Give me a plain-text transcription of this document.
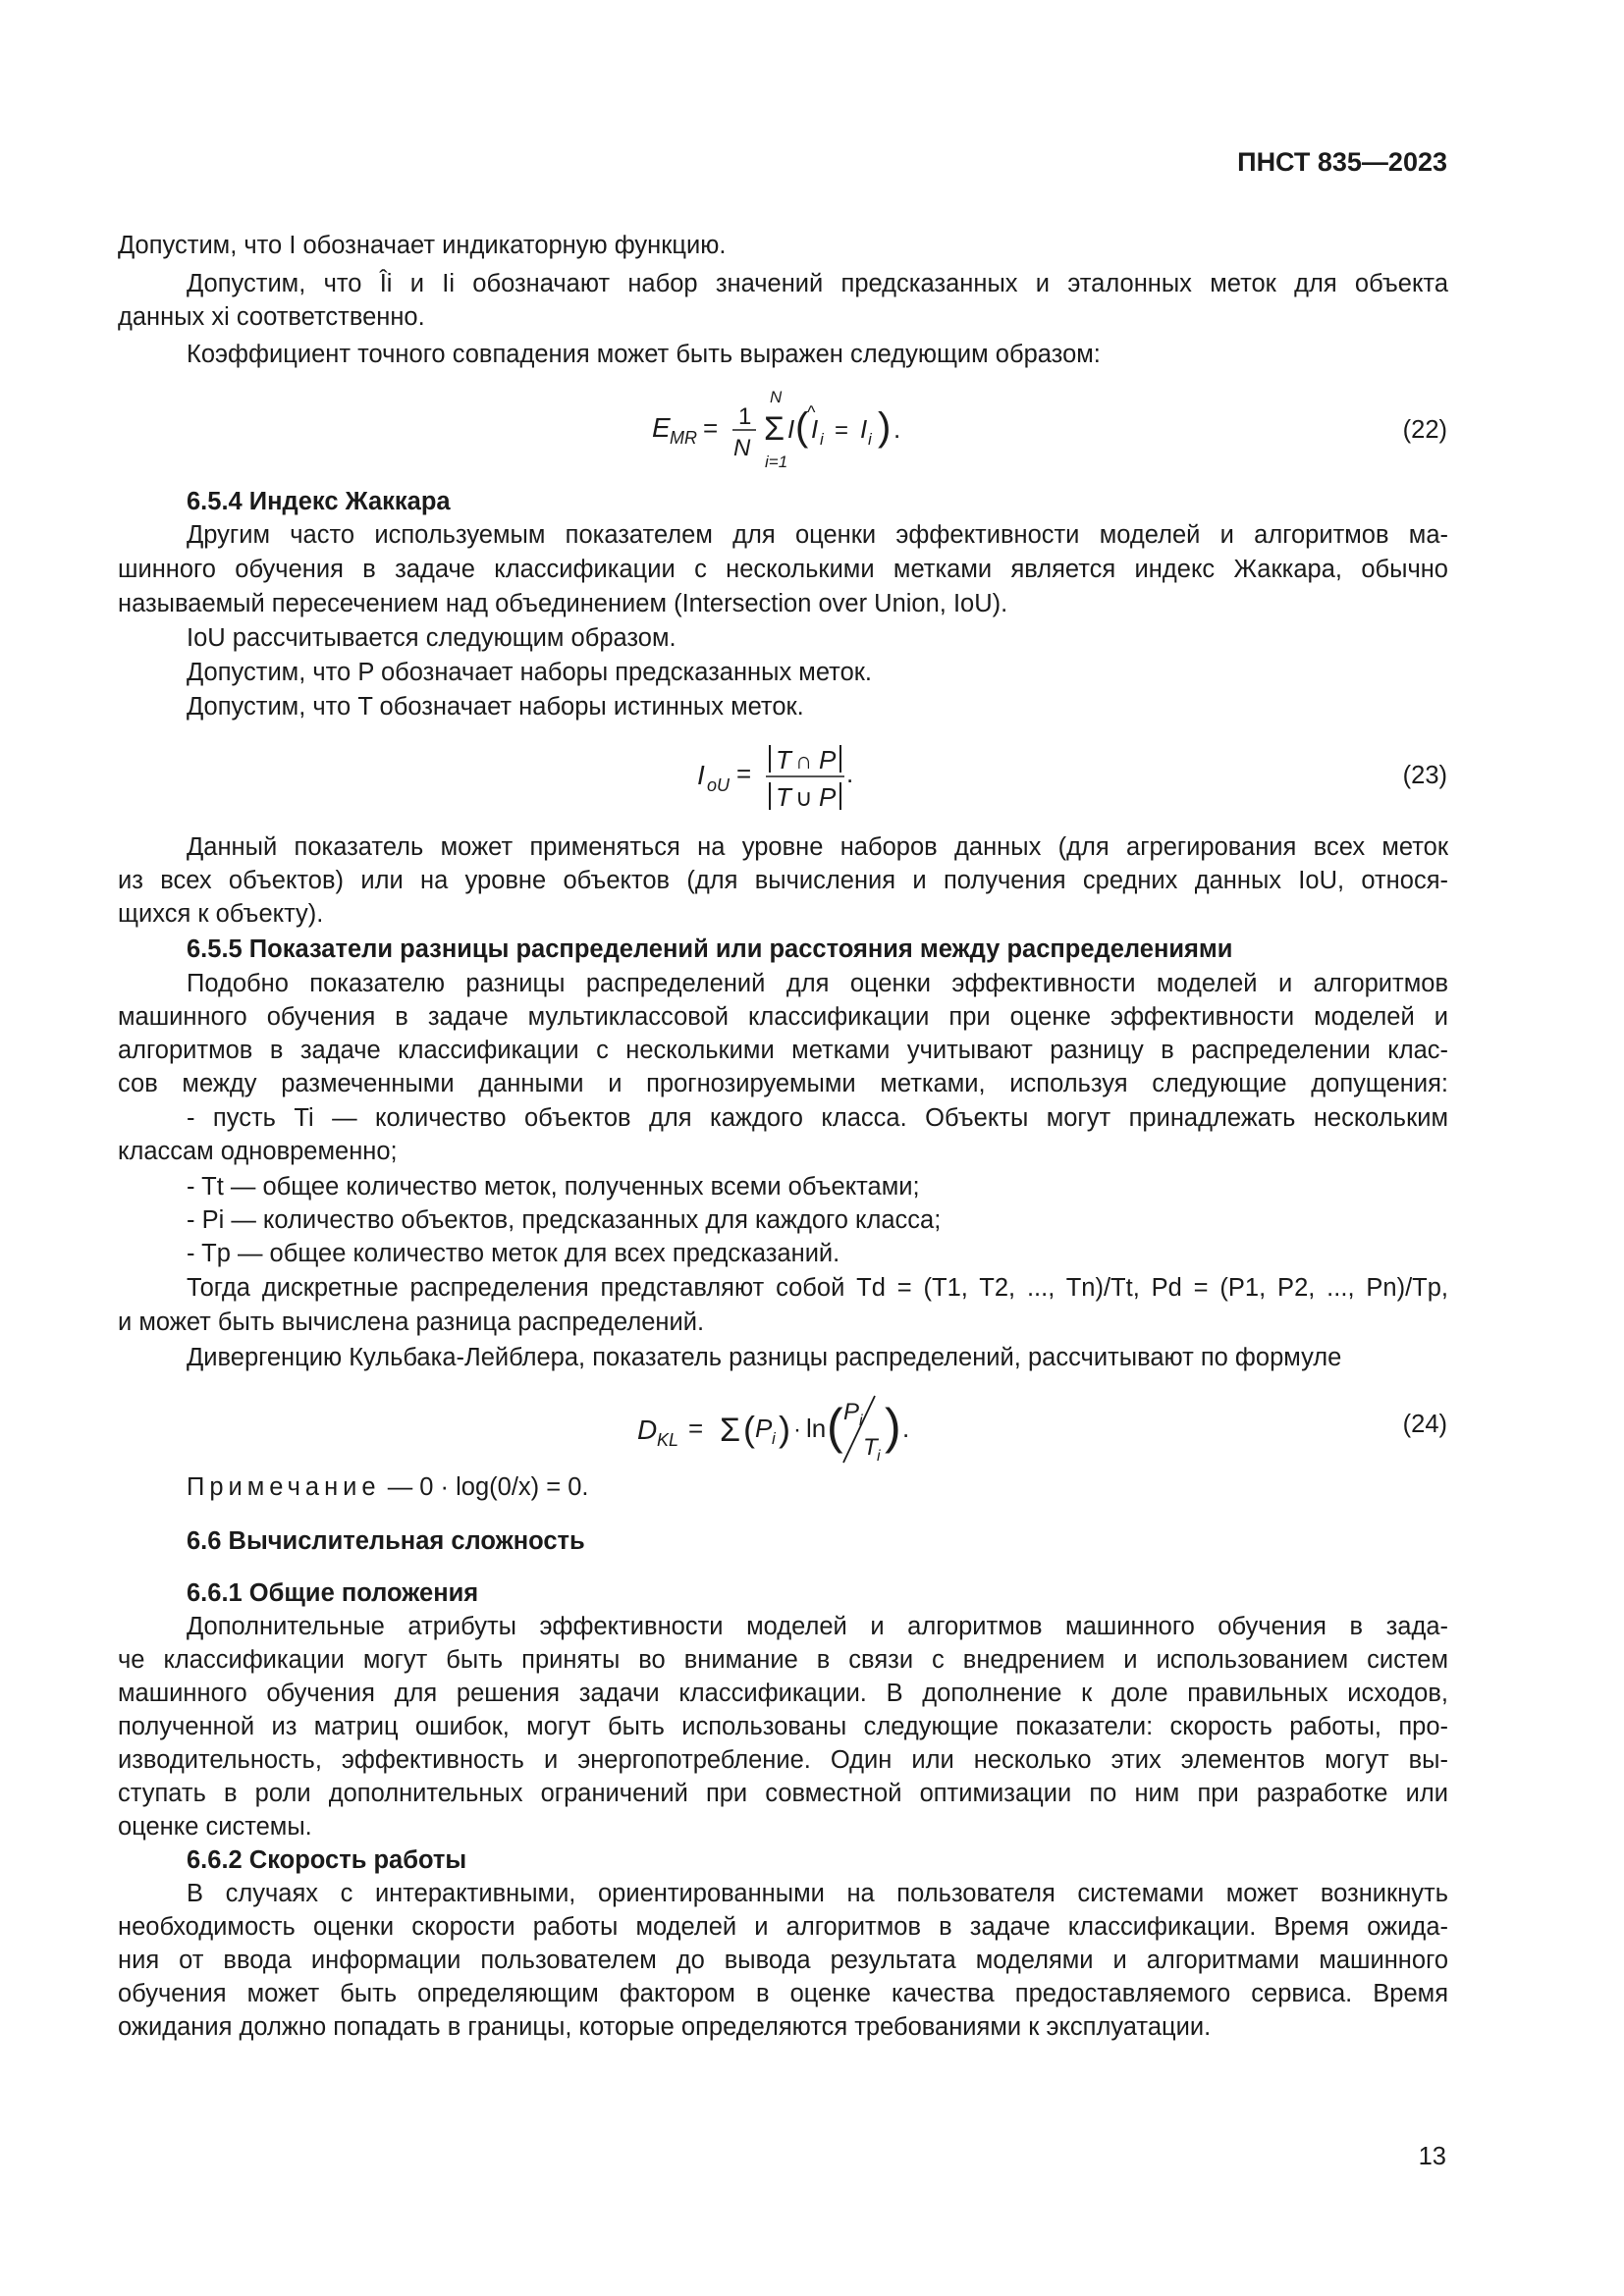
ПНСТ 835—2023
Допустим, что I обозначает индикаторную функцию.
Допустим, что Îi и Ii обозначают набор значений предсказанных и эталонных меток для объекта
данных xi соответственно.
Коэффициент точного совпадения может быть выражен следующим образом:
E MR = 1
N
N
Σ
i=1
I ( I
^
i = I i ) .	(22)
6.5.4 Индекс Жаккара
Другим часто используемым показателем для оценки эффективности моделей и алгоритмов ма-
шинного обучения в задаче классификации с несколькими метками является индекс Жаккара, обычно
называемый пересечением над объединением (Intersection over Union, IoU).
IoU рассчитывается следующим образом.
Допустим, что P обозначает наборы предсказанных меток.
Допустим, что T обозначает наборы истинных меток.
I oU = T ∩ P
T ∪ P
.	(23)
Данный показатель может применяться на уровне наборов данных (для агрегирования всех меток
из всех объектов) или на уровне объектов (для вычисления и получения средних данных IoU, относя-
щихся к объекту).
6.5.5 Показатели разницы распределений или расстояния между распределениями
Подобно показателю разницы распределений для оценки эффективности моделей и алгоритмов
машинного обучения в задаче мультиклассовой классификации при оценке эффективности моделей и
алгоритмов в задаче классификации с несколькими метками учитывают разницу в распределении клас-
сов между размеченными данными и прогнозируемыми метками, используя следующие допущения:
- пусть Ti — количество объектов для каждого класса. Объекты могут принадлежать нескольким
классам одновременно;
- Tt — общее количество меток, полученных всеми объектами;
- Pi — количество объектов, предсказанных для каждого класса;
- Tp — общее количество меток для всех предсказаний.
Тогда дискретные распределения представляют собой Td = (T1, T2, ..., Tn)/Tt, Pd = (P1, P2, ..., Pn)/Tp,
и может быть вычислена разница распределений.
Дивергенцию Кульбака-Лейблера, показатель разницы распределений, рассчитывают по формуле
D KL = Σ ( P i ) · ln ( P i
T i
) .	(24)
Примечание — 0 · log(0/x) = 0.
6.6 Вычислительная сложность
6.6.1 Общие положения
Дополнительные атрибуты эффективности моделей и алгоритмов машинного обучения в зада-
че классификации могут быть приняты во внимание в связи с внедрением и использованием систем
машинного обучения для решения задачи классификации. В дополнение к доле правильных исходов,
полученной из матриц ошибок, могут быть использованы следующие показатели: скорость работы, про-
изводительность, эффективность и энергопотребление. Один или несколько этих элементов могут вы-
ступать в роли дополнительных ограничений при совместной оптимизации по ним при разработке или
оценке системы.
6.6.2 Скорость работы
В случаях с интерактивными, ориентированными на пользователя системами может возникнуть
необходимость оценки скорости работы моделей и алгоритмов в задаче классификации. Время ожида-
ния от ввода информации пользователем до вывода результата моделями и алгоритмами машинного
обучения может быть определяющим фактором в оценке качества предоставляемого сервиса. Время
ожидания должно попадать в границы, которые определяются требованиями к эксплуатации.
13
